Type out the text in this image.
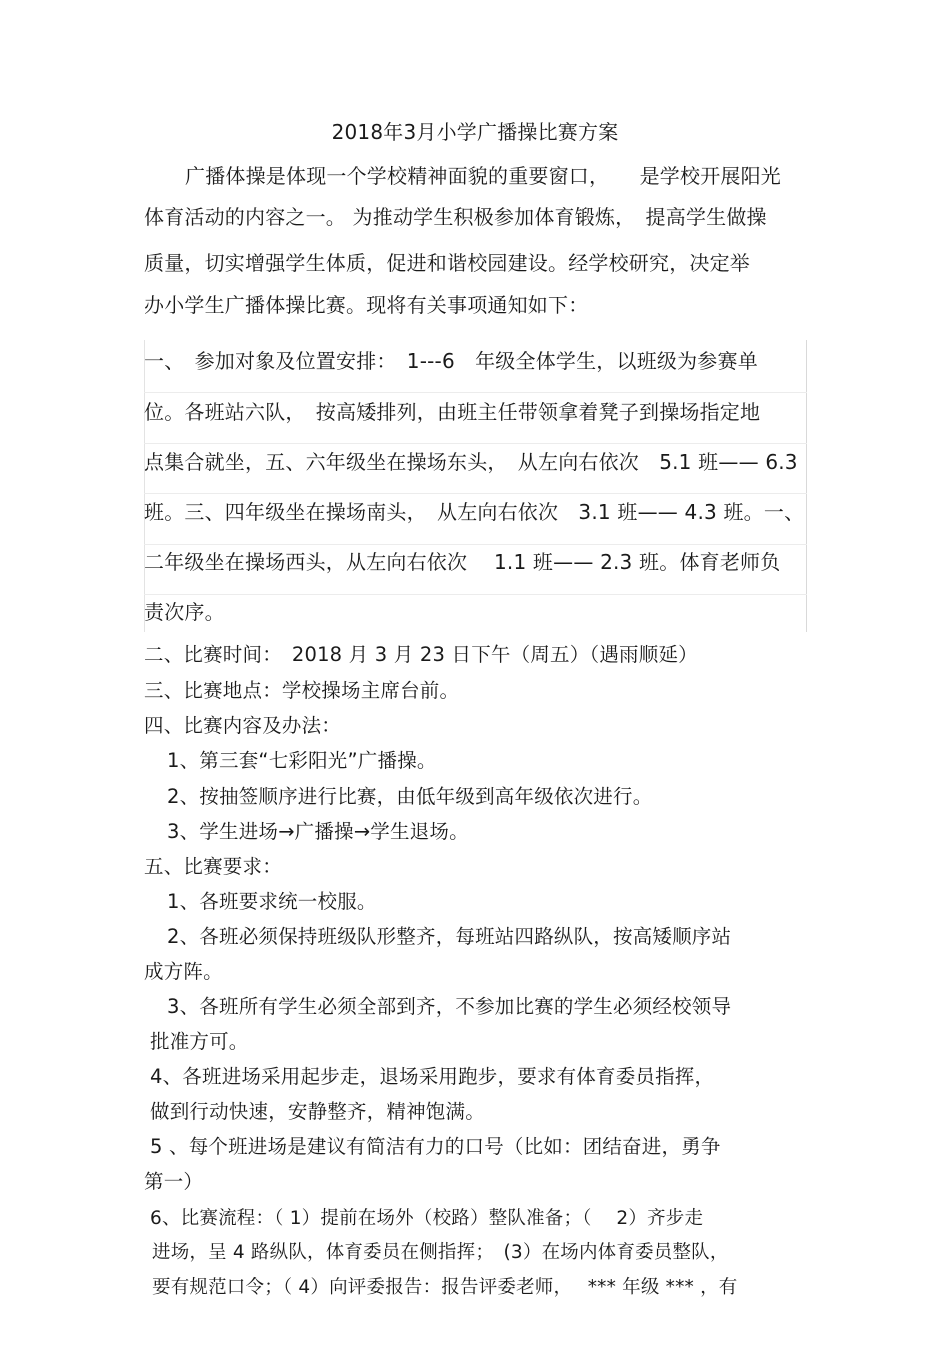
2018年3月小学广播操比赛方案

广播体操是体现一个学校精神面貌的重要窗口，　　是学校开展阳光

体育活动的内容之一。 为推动学生积极参加体育锻炼，　提高学生做操

质量，切实增强学生体质，促进和谐校园建设。经学校研究，决定举

办小学生广播体操比赛。现将有关事项通知如下：

一、　参加对象及位置安排：　1---6　年级全体学生，以班级为参赛单

位。各班站六队，　按高矮排列，由班主任带领拿着凳子到操场指定地

点集合就坐，五、六年级坐在操场东头，　从左向右依次　5.1 班—— 6.3

班。三、四年级坐在操场南头，　从左向右依次　3.1 班—— 4.3 班。一、

二年级坐在操场西头，从左向右依次　 1.1 班—— 2.3 班。体育老师负

责次序。

二、比赛时间：　2018 月 3 月 23 日下午（周五）（遇雨顺延）

三、比赛地点：学校操场主席台前。

四、比赛内容及办法：

1、第三套“七彩阳光”广播操。

2、按抽签顺序进行比赛，由低年级到高年级依次进行。

3、学生进场→广播操→学生退场。

五、比赛要求：

1、各班要求统一校服。

2、各班必须保持班级队形整齐，每班站四路纵队，按高矮顺序站

成方阵。

3、各班所有学生必须全部到齐，不参加比赛的学生必须经校领导

批准方可。

4、各班进场采用起步走，退场采用跑步，要求有体育委员指挥，

做到行动快速，安静整齐，精神饱满。

5 、每个班进场是建议有简洁有力的口号（比如：团结奋进，勇争

第一）

6、比赛流程：（ 1）提前在场外（校路）整队准备；（　 2）齐步走

进场，呈 4 路纵队，体育委员在侧指挥；　(3）在场内体育委员整队，

要有规范口令；（ 4）向评委报告：报告评委老师，　 *** 年级 *** ，有
